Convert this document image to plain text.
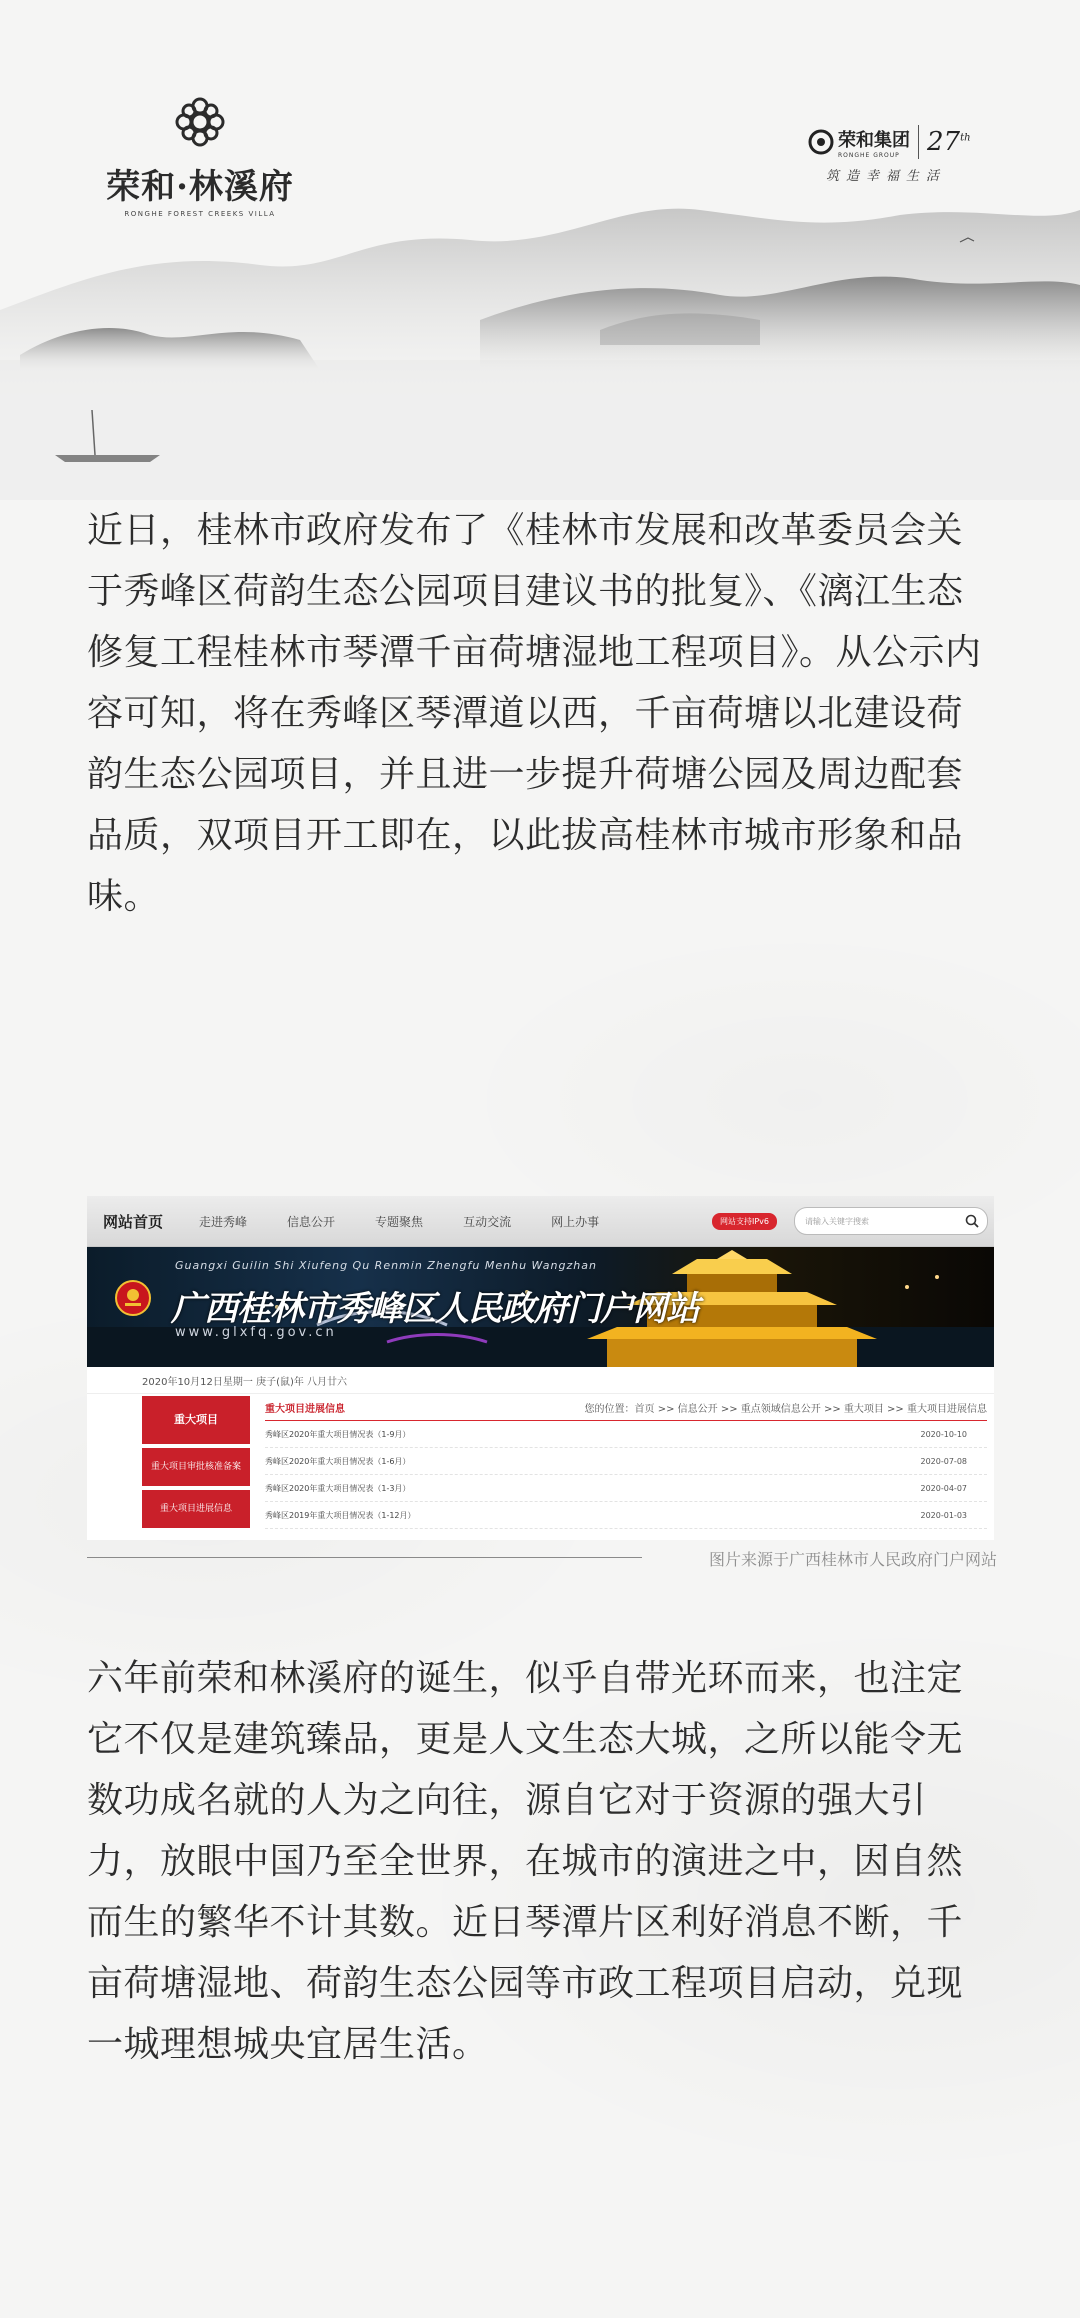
荣和·林溪府
RONGHE FOREST CREEKS VILLA
荣和集团
RONGHE GROUP	27th
筑造幸福生活
近日，桂林市政府发布了《桂林市发展和改革委员会关于秀峰区荷韵生态公园项目建议书的批复》、《漓江生态修复工程桂林市琴潭千亩荷塘湿地工程项目》。从公示内容可知，将在秀峰区琴潭道以西，千亩荷塘以北建设荷韵生态公园项目，并且进一步提升荷塘公园及周边配套品质，双项目开工即在，以此拔高桂林市城市形象和品味。
网站首页	走进秀峰	信息公开	专题聚焦	互动交流	网上办事	网站支持IPv6	请输入关键字搜索
Guangxi Guilin Shi Xiufeng Qu Renmin Zhengfu Menhu Wangzhan
广西桂林市秀峰区人民政府门户网站
www.glxfq.gov.cn
2020年10月12日星期一 庚子(鼠)年 八月廿六
重大项目
重大项目审批核准备案
重大项目进展信息
重大项目进展信息	您的位置：首页 >> 信息公开 >> 重点领域信息公开 >> 重大项目 >> 重大项目进展信息
秀峰区2020年重大项目情况表（1-9月）	2020-10-10
秀峰区2020年重大项目情况表（1-6月）	2020-07-08
秀峰区2020年重大项目情况表（1-3月）	2020-04-07
秀峰区2019年重大项目情况表（1-12月）	2020-01-03
图片来源于广西桂林市人民政府门户网站
六年前荣和林溪府的诞生，似乎自带光环而来，也注定它不仅是建筑臻品，更是人文生态大城，之所以能令无数功成名就的人为之向往，源自它对于资源的强大引力，放眼中国乃至全世界，在城市的演进之中，因自然而生的繁华不计其数。近日琴潭片区利好消息不断，千亩荷塘湿地、荷韵生态公园等市政工程项目启动，兑现一城理想城央宜居生活。
